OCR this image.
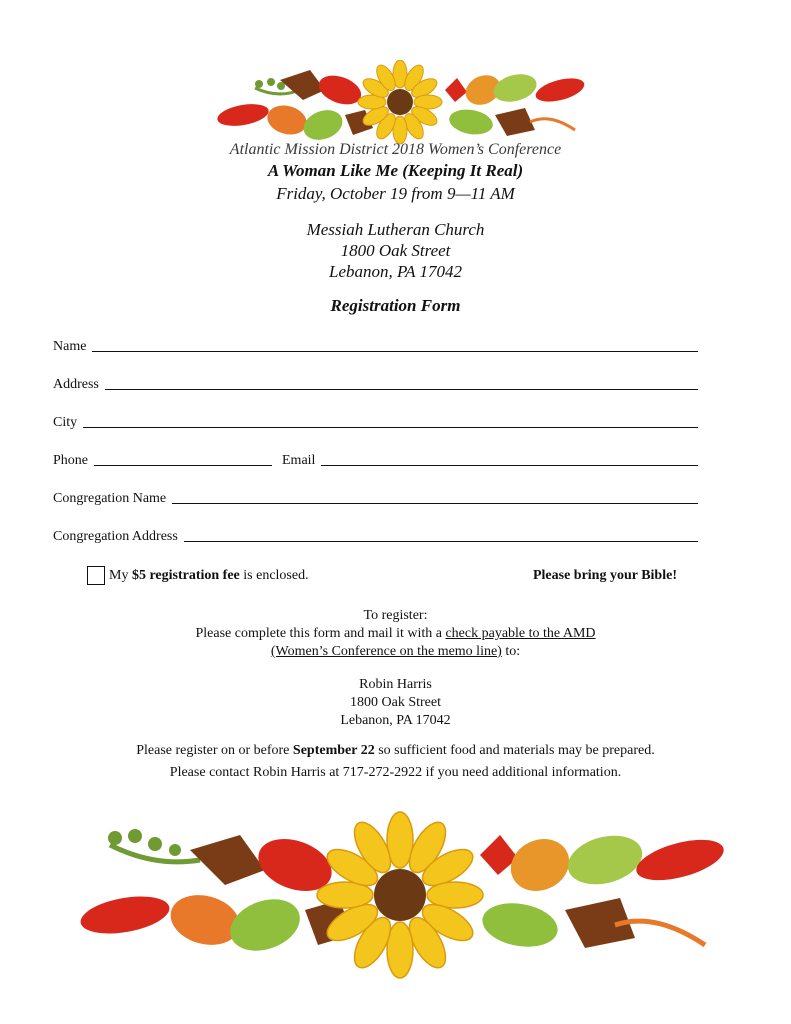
Atlantic Mission District 2018 Women’s Conference
A Woman Like Me (Keeping It Real)
Friday, October 19 from 9—11 AM
Messiah Lutheran Church
1800 Oak Street
Lebanon, PA 17042
Registration Form
Name
Address
City
Phone	Email
Congregation Name
Congregation Address
My $5 registration fee is enclosed.	Please bring your Bible!
To register:
Please complete this form and mail it with a check payable to the AMD
(Women’s Conference on the memo line) to:
Robin Harris
1800 Oak Street
Lebanon, PA 17042
Please register on or before September 22 so sufficient food and materials may be prepared.
Please contact Robin Harris at 717-272-2922 if you need additional information.
